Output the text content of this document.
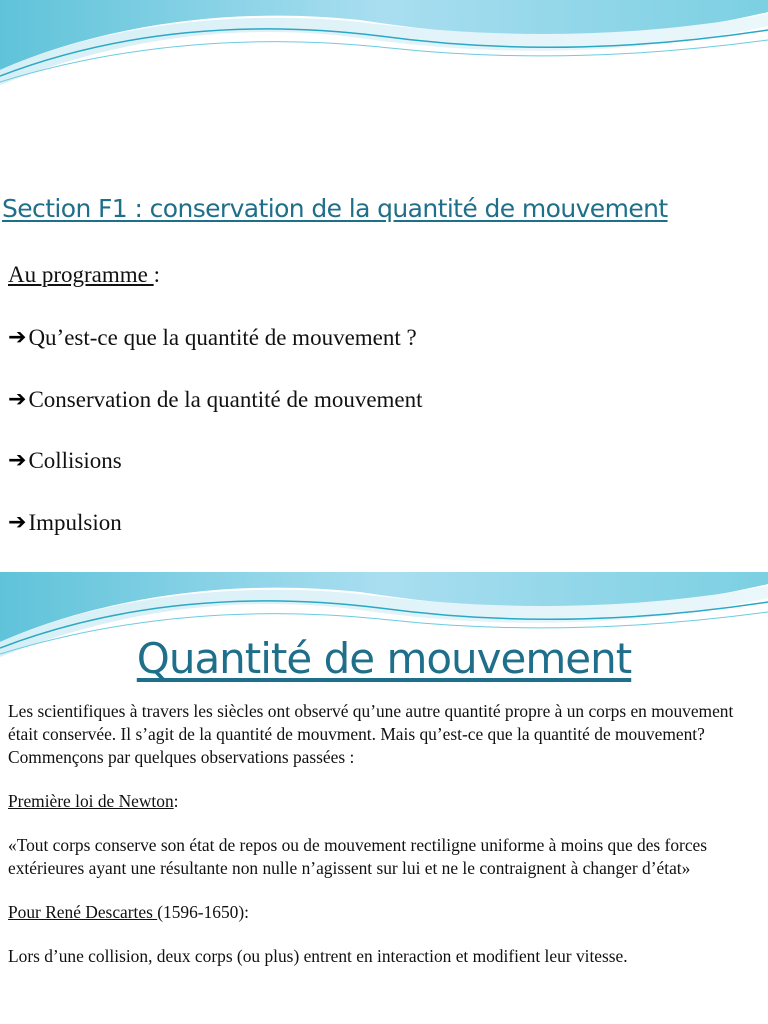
Section F1 : conservation de la quantité de mouvement
Au programme :
➔ Qu’est-ce que la quantité de mouvement ?
➔ Conservation de la quantité de mouvement
➔ Collisions
➔ Impulsion
Quantité de mouvement

Les scientifiques à travers les siècles ont observé qu’une autre quantité propre à un corps en mouvement était conservée. Il s’agit de la quantité de mouvment. Mais qu’est-ce que la quantité de mouvement? Commençons par quelques observations passées :

Première loi de Newton:

«Tout corps conserve son état de repos ou de mouvement rectiligne uniforme à moins que des forces extérieures ayant une résultante non nulle n’agissent sur lui et ne le contraignent à changer d’état»

Pour René Descartes (1596-1650):

Lors d’une collision, deux corps (ou plus) entrent en interaction et modifient leur vitesse.
